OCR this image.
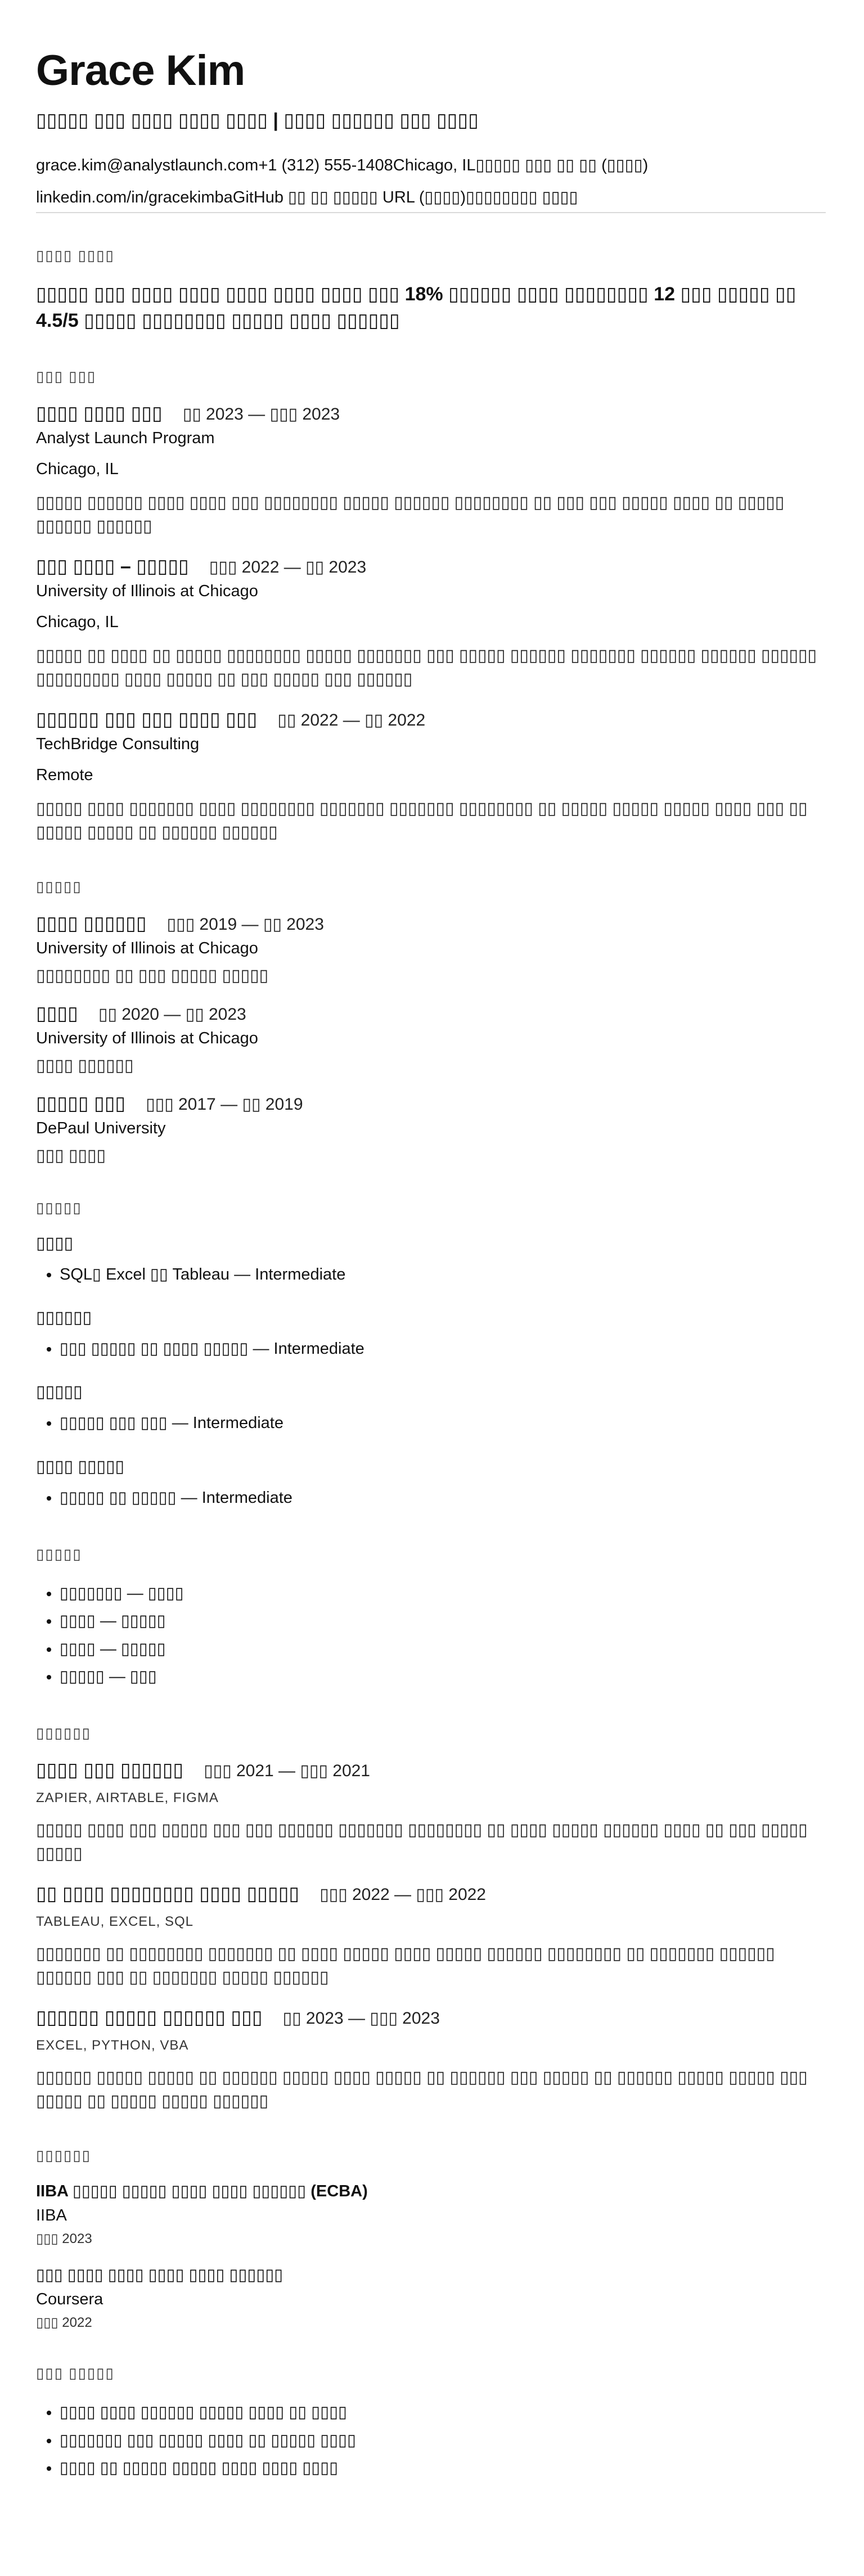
Grace Kim
▯▯▯▯▯ ▯▯▯ ▯▯▯▯ ▯▯▯▯ ▯▯▯▯ | ▯▯▯▯ ▯▯▯▯▯▯ ▯▯▯ ▯▯▯▯
grace.kim@analystlaunch.com+1 (312) 555-1408Chicago, IL▯▯▯▯▯ ▯▯▯ ▯▯ ▯▯ (▯▯▯▯)
linkedin.com/in/gracekimbaGitHub ▯▯ ▯▯ ▯▯▯▯▯ URL (▯▯▯▯)▯▯▯▯▯▯▯▯ ▯▯▯▯
▯▯▯▯ ▯▯▯▯
▯▯▯▯▯ ▯▯▯ ▯▯▯▯ ▯▯▯▯ ▯▯▯▯ ▯▯▯▯ ▯▯▯▯ ▯▯▯ 18% ▯▯▯▯▯▯ ▯▯▯▯ ▯▯▯▯▯▯▯▯ 12 ▯▯▯ ▯▯▯▯▯ ▯▯ 4.5/5 ▯▯▯▯▯ ▯▯▯▯▯▯▯▯ ▯▯▯▯▯ ▯▯▯▯ ▯▯▯▯▯▯
▯▯▯ ▯▯▯
▯▯▯▯ ▯▯▯▯ ▯▯▯ ▯▯ 2023 — ▯▯▯ 2023
Analyst Launch Program
Chicago, IL
▯▯▯▯▯ ▯▯▯▯▯▯ ▯▯▯▯ ▯▯▯▯ ▯▯▯ ▯▯▯▯▯▯▯▯ ▯▯▯▯▯ ▯▯▯▯▯▯ ▯▯▯▯▯▯▯▯ ▯▯ ▯▯▯ ▯▯▯ ▯▯▯▯▯ ▯▯▯▯ ▯▯ ▯▯▯▯▯ ▯▯▯▯▯▯ ▯▯▯▯▯▯
▯▯▯ ▯▯▯▯ – ▯▯▯▯▯ ▯▯▯ 2022 — ▯▯ 2023
University of Illinois at Chicago
Chicago, IL
▯▯▯▯▯ ▯▯ ▯▯▯▯ ▯▯ ▯▯▯▯▯ ▯▯▯▯▯▯▯▯ ▯▯▯▯▯ ▯▯▯▯▯▯▯ ▯▯▯ ▯▯▯▯▯ ▯▯▯▯▯▯ ▯▯▯▯▯▯▯ ▯▯▯▯▯▯ ▯▯▯▯▯▯ ▯▯▯▯▯▯ ▯▯▯▯▯▯▯▯▯ ▯▯▯▯ ▯▯▯▯▯ ▯▯ ▯▯▯ ▯▯▯▯▯ ▯▯▯ ▯▯▯▯▯▯
▯▯▯▯▯▯ ▯▯▯ ▯▯▯ ▯▯▯▯ ▯▯▯ ▯▯ 2022 — ▯▯ 2022
TechBridge Consulting
Remote
▯▯▯▯▯ ▯▯▯▯ ▯▯▯▯▯▯▯ ▯▯▯▯ ▯▯▯▯▯▯▯▯ ▯▯▯▯▯▯▯ ▯▯▯▯▯▯▯ ▯▯▯▯▯▯▯▯ ▯▯ ▯▯▯▯▯ ▯▯▯▯▯ ▯▯▯▯▯ ▯▯▯▯ ▯▯▯ ▯▯ ▯▯▯▯▯ ▯▯▯▯▯ ▯▯ ▯▯▯▯▯▯ ▯▯▯▯▯▯
▯▯▯▯▯
▯▯▯▯ ▯▯▯▯▯▯ ▯▯▯ 2019 — ▯▯ 2023
University of Illinois at Chicago
▯▯▯▯▯▯▯▯ ▯▯ ▯▯▯ ▯▯▯▯▯ ▯▯▯▯▯
▯▯▯▯ ▯▯ 2020 — ▯▯ 2023
University of Illinois at Chicago
▯▯▯▯ ▯▯▯▯▯▯
▯▯▯▯▯ ▯▯▯ ▯▯▯ 2017 — ▯▯ 2019
DePaul University
▯▯▯ ▯▯▯▯
▯▯▯▯▯
▯▯▯▯
• SQL▯ Excel ▯▯ Tableau — Intermediate
▯▯▯▯▯▯
• ▯▯▯ ▯▯▯▯▯ ▯▯ ▯▯▯▯ ▯▯▯▯▯ — Intermediate
▯▯▯▯▯
• ▯▯▯▯▯ ▯▯▯ ▯▯▯ — Intermediate
▯▯▯▯ ▯▯▯▯▯
• ▯▯▯▯▯ ▯▯ ▯▯▯▯▯ — Intermediate
▯▯▯▯▯
• ▯▯▯▯▯▯▯ — ▯▯▯▯
• ▯▯▯▯ — ▯▯▯▯▯
• ▯▯▯▯ — ▯▯▯▯▯
• ▯▯▯▯▯ — ▯▯▯
▯▯▯▯▯▯
▯▯▯▯ ▯▯▯ ▯▯▯▯▯▯ ▯▯▯ 2021 — ▯▯▯ 2021
ZAPIER, AIRTABLE, FIGMA
▯▯▯▯▯ ▯▯▯▯ ▯▯▯ ▯▯▯▯▯ ▯▯▯ ▯▯▯ ▯▯▯▯▯▯ ▯▯▯▯▯▯▯ ▯▯▯▯▯▯▯▯ ▯▯ ▯▯▯▯ ▯▯▯▯▯ ▯▯▯▯▯▯ ▯▯▯▯ ▯▯ ▯▯▯ ▯▯▯▯▯ ▯▯▯▯▯
▯▯ ▯▯▯▯ ▯▯▯▯▯▯▯▯ ▯▯▯▯ ▯▯▯▯▯ ▯▯▯ 2022 — ▯▯▯ 2022
TABLEAU, EXCEL, SQL
▯▯▯▯▯▯▯ ▯▯ ▯▯▯▯▯▯▯▯ ▯▯▯▯▯▯▯ ▯▯ ▯▯▯▯ ▯▯▯▯▯ ▯▯▯▯ ▯▯▯▯▯ ▯▯▯▯▯▯ ▯▯▯▯▯▯▯▯ ▯▯ ▯▯▯▯▯▯▯ ▯▯▯▯▯▯ ▯▯▯▯▯▯ ▯▯▯ ▯▯ ▯▯▯▯▯▯▯ ▯▯▯▯▯ ▯▯▯▯▯▯
▯▯▯▯▯▯ ▯▯▯▯▯ ▯▯▯▯▯▯ ▯▯▯ ▯▯ 2023 — ▯▯▯ 2023
EXCEL, PYTHON, VBA
▯▯▯▯▯▯ ▯▯▯▯▯ ▯▯▯▯▯ ▯▯ ▯▯▯▯▯▯ ▯▯▯▯▯ ▯▯▯▯ ▯▯▯▯▯ ▯▯ ▯▯▯▯▯▯ ▯▯▯ ▯▯▯▯▯ ▯▯ ▯▯▯▯▯▯ ▯▯▯▯▯ ▯▯▯▯▯ ▯▯▯ ▯▯▯▯▯ ▯▯ ▯▯▯▯▯ ▯▯▯▯▯ ▯▯▯▯▯▯
▯▯▯▯▯▯
IIBA ▯▯▯▯▯ ▯▯▯▯▯ ▯▯▯▯ ▯▯▯▯ ▯▯▯▯▯▯ (ECBA)
IIBA
▯▯▯ 2023
▯▯▯ ▯▯▯▯ ▯▯▯▯ ▯▯▯▯ ▯▯▯▯ ▯▯▯▯▯▯
Coursera
▯▯▯ 2022
▯▯▯ ▯▯▯▯▯
• ▯▯▯▯ ▯▯▯▯ ▯▯▯▯▯▯ ▯▯▯▯▯ ▯▯▯▯ ▯▯ ▯▯▯▯
• ▯▯▯▯▯▯▯ ▯▯▯ ▯▯▯▯▯ ▯▯▯▯ ▯▯ ▯▯▯▯▯ ▯▯▯▯
• ▯▯▯▯ ▯▯ ▯▯▯▯▯ ▯▯▯▯▯ ▯▯▯▯ ▯▯▯▯ ▯▯▯▯
